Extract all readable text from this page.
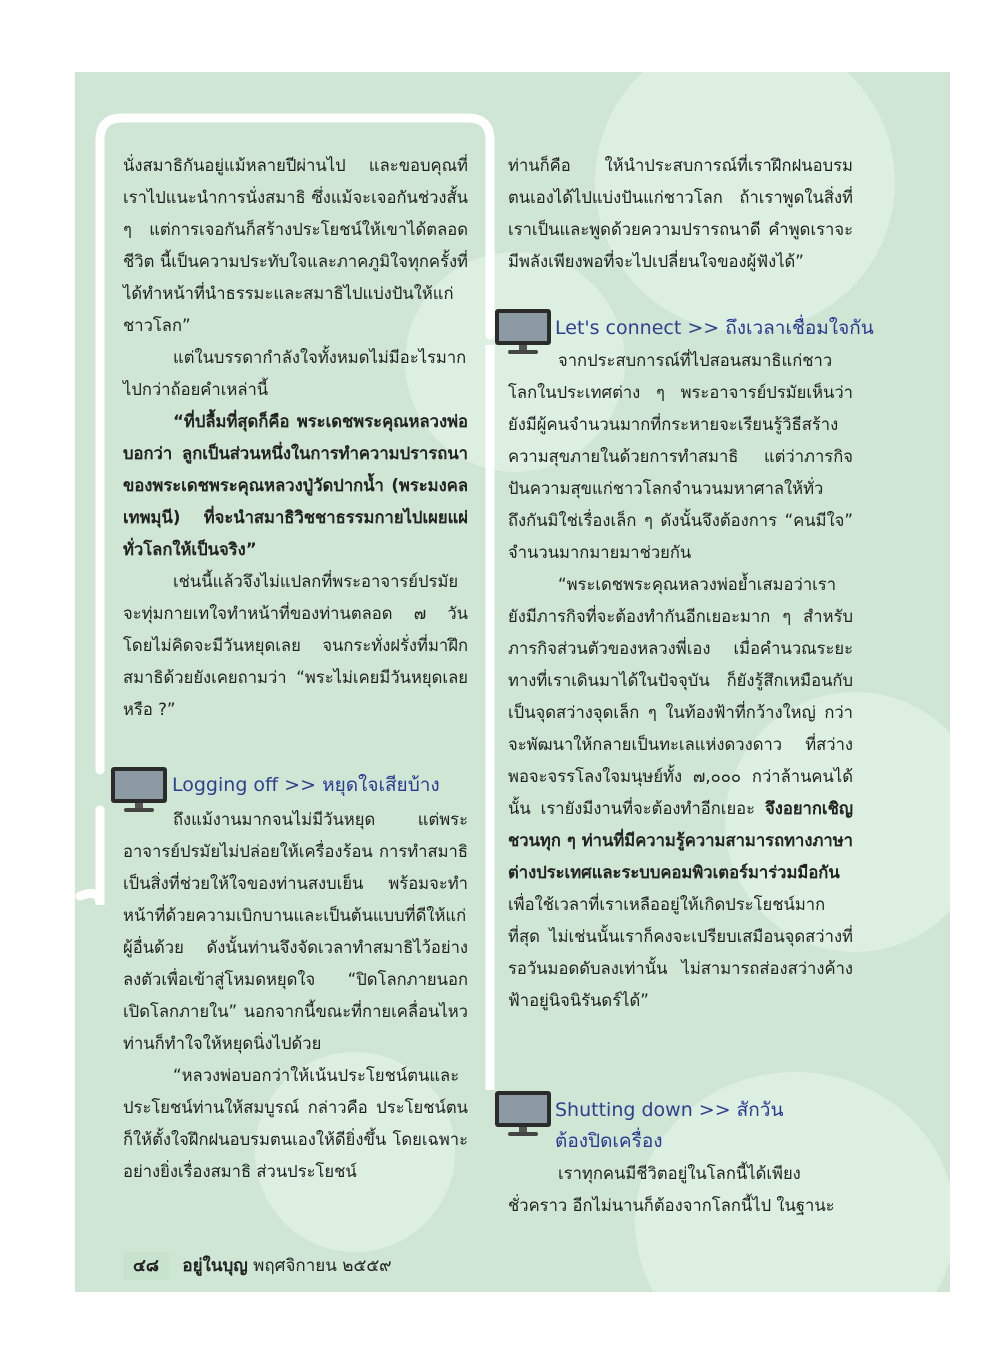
นั่งสมาธิกันอยู่แม้หลายปีผ่านไป และขอบคุณที่เราไปแนะนำการนั่งสมาธิ ซึ่งแม้จะเจอกันช่วงสั้น ๆ แต่การเจอกันก็สร้างประโยชน์ให้เขาได้ตลอดชีวิต นี้เป็นความประทับใจและภาคภูมิใจทุกครั้งที่ได้ทำหน้าที่นำธรรมะและสมาธิไปแบ่งปันให้แก่ชาวโลก”

แต่ในบรรดากำลังใจทั้งหมดไม่มีอะไรมากไปกว่าถ้อยคำเหล่านี้

“ที่ปลื้มที่สุดก็คือ พระเดชพระคุณหลวงพ่อบอกว่า ลูกเป็นส่วนหนึ่งในการทำความปรารถนาของพระเดชพระคุณหลวงปู่วัดปากน้ำ (พระมงคลเทพมุนี) ที่จะนำสมาธิวิชชาธรรมกายไปเผยแผ่ทั่วโลกให้เป็นจริง”

เช่นนี้แล้วจึงไม่แปลกที่พระอาจารย์ปรมัยจะทุ่มกายเทใจทำหน้าที่ของท่านตลอด ๗ วัน โดยไม่คิดจะมีวันหยุดเลย จนกระทั่งฝรั่งที่มาฝึกสมาธิด้วยยังเคยถามว่า “พระไม่เคยมีวันหยุดเลยหรือ ?”

Logging off >> หยุดใจเสียบ้าง

ถึงแม้งานมากจนไม่มีวันหยุด แต่พระอาจารย์ปรมัยไม่ปล่อยให้เครื่องร้อน การทำสมาธิเป็นสิ่งที่ช่วยให้ใจของท่านสงบเย็น พร้อมจะทำหน้าที่ด้วยความเบิกบานและเป็นต้นแบบที่ดีให้แก่ผู้อื่นด้วย ดังนั้นท่านจึงจัดเวลาทำสมาธิไว้อย่างลงตัวเพื่อเข้าสู่โหมดหยุดใจ “ปิดโลกภายนอก เปิดโลกภายใน” นอกจากนี้ขณะที่กายเคลื่อนไหว ท่านก็ทำใจให้หยุดนิ่งไปด้วย

“หลวงพ่อบอกว่าให้เน้นประโยชน์ตนและประโยชน์ท่านให้สมบูรณ์ กล่าวคือ ประโยชน์ตนก็ให้ตั้งใจฝึกฝนอบรมตนเองให้ดียิ่งขึ้น โดยเฉพาะอย่างยิ่งเรื่องสมาธิ ส่วนประโยชน์

ท่านก็คือ ให้นำประสบการณ์ที่เราฝึกฝนอบรมตนเองได้ไปแบ่งปันแก่ชาวโลก ถ้าเราพูดในสิ่งที่เราเป็นและพูดด้วยความปรารถนาดี คำพูดเราจะมีพลังเพียงพอที่จะไปเปลี่ยนใจของผู้ฟังได้”

Let's connect >> ถึงเวลาเชื่อมใจกัน

จากประสบการณ์ที่ไปสอนสมาธิแก่ชาวโลกในประเทศต่าง ๆ พระอาจารย์ปรมัยเห็นว่า ยังมีผู้คนจำนวนมากที่กระหายจะเรียนรู้วิธีสร้างความสุขภายในด้วยการทำสมาธิ แต่ว่าภารกิจปันความสุขแก่ชาวโลกจำนวนมหาศาลให้ทั่วถึงกันมิใช่เรื่องเล็ก ๆ ดังนั้นจึงต้องการ “คนมีใจ” จำนวนมากมายมาช่วยกัน

“พระเดชพระคุณหลวงพ่อย้ำเสมอว่าเรายังมีภารกิจที่จะต้องทำกันอีกเยอะมาก ๆ สำหรับภารกิจส่วนตัวของหลวงพี่เอง เมื่อคำนวณระยะทางที่เราเดินมาได้ในปัจจุบัน ก็ยังรู้สึกเหมือนกับเป็นจุดสว่างจุดเล็ก ๆ ในท้องฟ้าที่กว้างใหญ่ กว่าจะพัฒนาให้กลายเป็นทะเลแห่งดวงดาว ที่สว่างพอจะจรรโลงใจมนุษย์ทั้ง ๗,๐๐๐ กว่าล้านคนได้นั้น เรายังมีงานที่จะต้องทำอีกเยอะ จึงอยากเชิญชวนทุก ๆ ท่านที่มีความรู้ความสามารถทางภาษาต่างประเทศและระบบคอมพิวเตอร์มาร่วมมือกัน เพื่อใช้เวลาที่เราเหลืออยู่ให้เกิดประโยชน์มากที่สุด ไม่เช่นนั้นเราก็คงจะเปรียบเสมือนจุดสว่างที่รอวันมอดดับลงเท่านั้น ไม่สามารถส่องสว่างค้างฟ้าอยู่นิจนิรันดร์ได้”

Shutting down >> สักวัน
ต้องปิดเครื่อง

เราทุกคนมีชีวิตอยู่ในโลกนี้ได้เพียงชั่วคราว อีกไม่นานก็ต้องจากโลกนี้ไป ในฐานะ

๔๘ อยู่ในบุญ พฤศจิกายน ๒๕๕๙
